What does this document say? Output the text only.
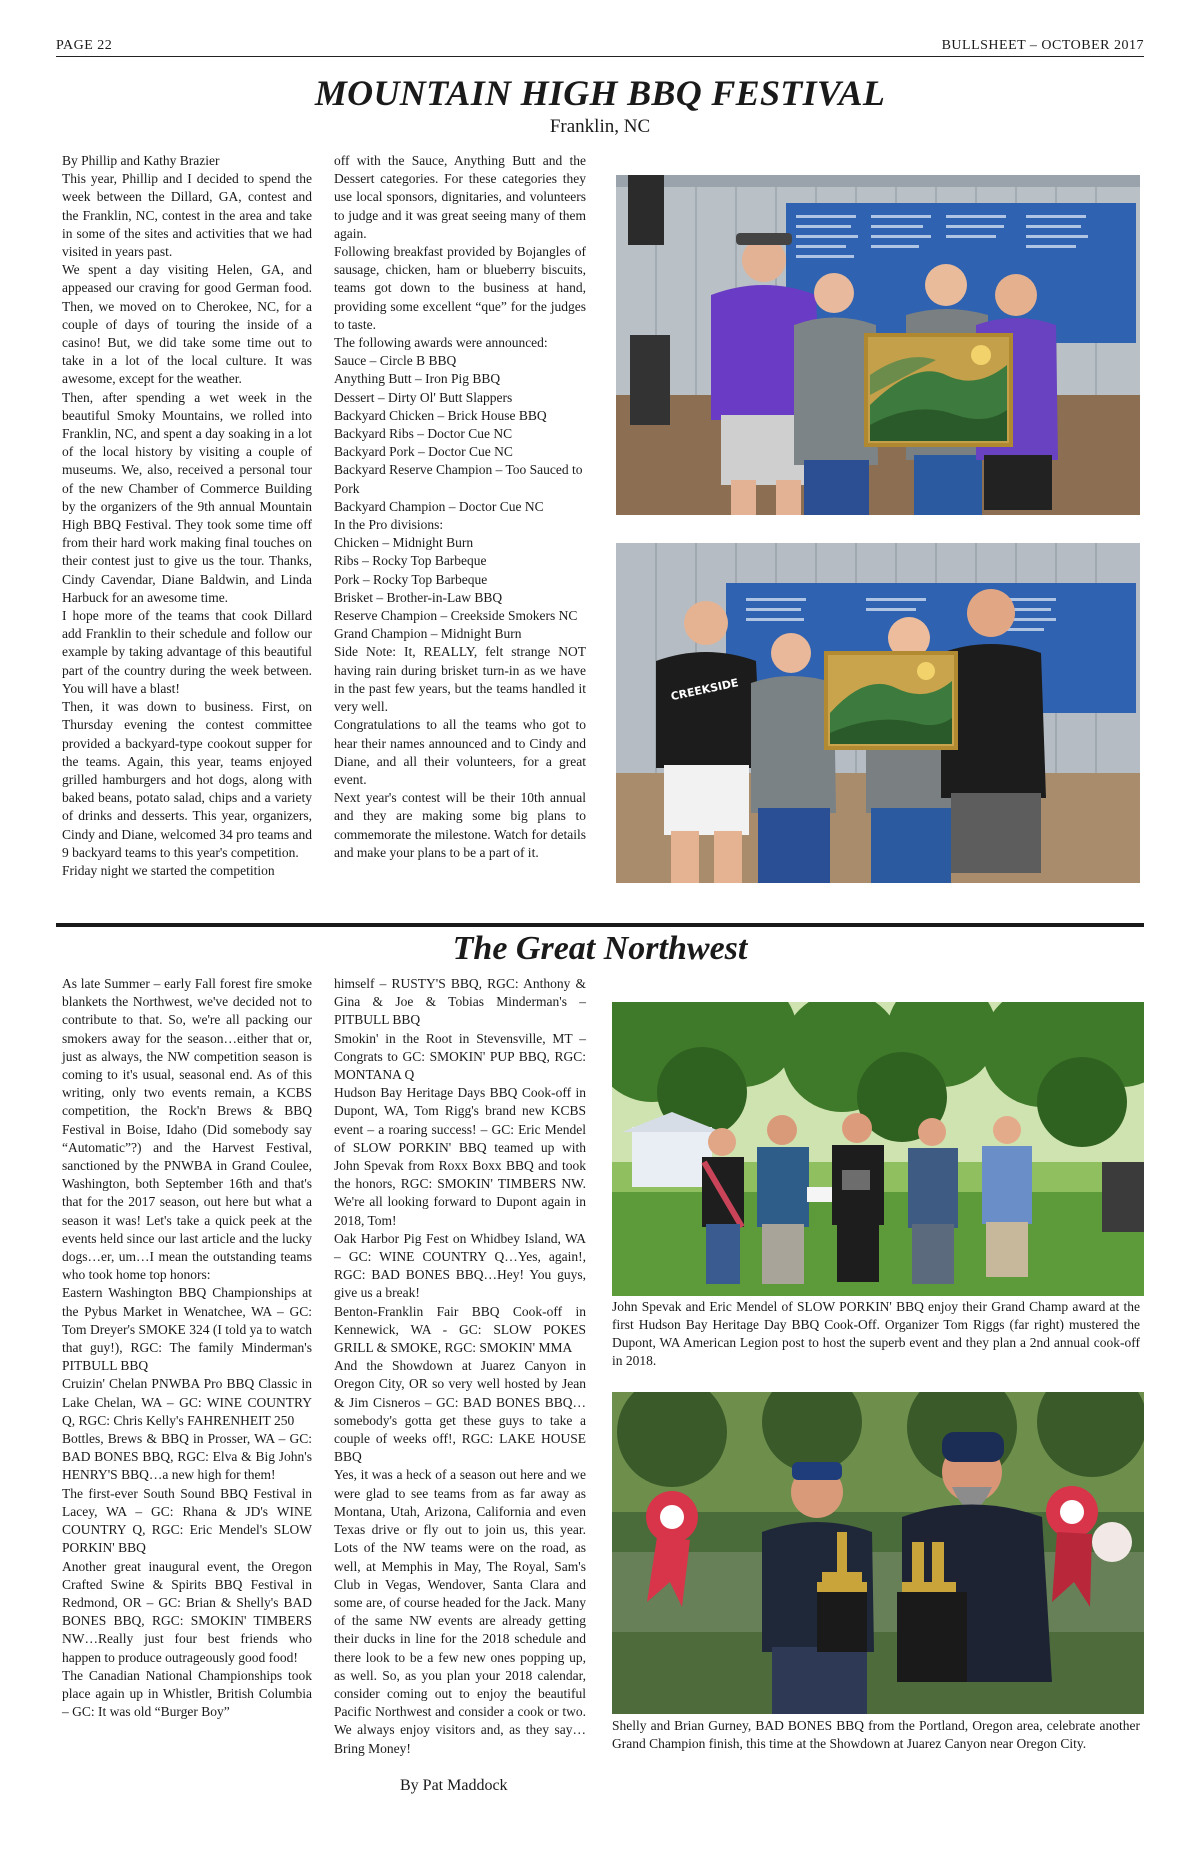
PAGE 22	BULLSHEET – OCTOBER 2017
MOUNTAIN HIGH BBQ FESTIVAL
Franklin, NC

By Phillip and Kathy Brazier

This year, Phillip and I decided to spend the week between the Dillard, GA, contest and the Franklin, NC, contest in the area and take in some of the sites and activities that we had visited in years past.

We spent a day visiting Helen, GA, and appeased our craving for good German food. Then, we moved on to Cherokee, NC, for a couple of days of touring the inside of a casino! But, we did take some time out to take in a lot of the local culture. It was awesome, except for the weather.

Then, after spending a wet week in the beautiful Smoky Mountains, we rolled into Franklin, NC, and spent a day soaking in a lot of the local history by visiting a couple of museums. We, also, received a personal tour of the new Chamber of Commerce Building by the organizers of the 9th annual Mountain High BBQ Festival. They took some time off from their hard work making final touches on their contest just to give us the tour. Thanks, Cindy Cavendar, Diane Baldwin, and Linda Harbuck for an awesome time.

I hope more of the teams that cook Dillard add Franklin to their schedule and follow our example by taking advantage of this beautiful part of the country during the week between. You will have a blast!

Then, it was down to business. First, on Thursday evening the contest committee provided a backyard-type cookout supper for the teams. Again, this year, teams enjoyed grilled hamburgers and hot dogs, along with baked beans, potato salad, chips and a variety of drinks and desserts. This year, organizers, Cindy and Diane, welcomed 34 pro teams and 9 backyard teams to this year's competition.

Friday night we started the competition

off with the Sauce, Anything Butt and the Dessert categories. For these categories they use local sponsors, dignitaries, and volunteers to judge and it was great seeing many of them again.

Following breakfast provided by Bojangles of sausage, chicken, ham or blueberry biscuits, teams got down to the business at hand, providing some excellent “que” for the judges to taste.

The following awards were announced:

Sauce – Circle B BBQ
Anything Butt – Iron Pig BBQ
Dessert – Dirty Ol' Butt Slappers
Backyard Chicken – Brick House BBQ
Backyard Ribs – Doctor Cue NC
Backyard Pork – Doctor Cue NC
Backyard Reserve Champion – Too Sauced to Pork
Backyard Champion – Doctor Cue NC
In the Pro divisions:
Chicken – Midnight Burn
Ribs – Rocky Top Barbeque
Pork – Rocky Top Barbeque
Brisket – Brother-in-Law BBQ
Reserve Champion – Creekside Smokers NC
Grand Champion – Midnight Burn

Side Note: It, REALLY, felt strange NOT having rain during brisket turn-in as we have in the past few years, but the teams handled it very well.

Congratulations to all the teams who got to hear their names announced and to Cindy and Diane, and all their volunteers, for a great event.

Next year's contest will be their 10th annual and they are making some big plans to commemorate the milestone. Watch for details and make your plans to be a part of it.

CREEKSIDE
The Great Northwest

As late Summer – early Fall forest fire smoke blankets the Northwest, we've decided not to contribute to that. So, we're all packing our smokers away for the season…either that or, just as always, the NW competition season is coming to it's usual, seasonal end. As of this writing, only two events remain, a KCBS competition, the Rock'n Brews & BBQ Festival in Boise, Idaho (Did somebody say “Automatic”?) and the Harvest Festival, sanctioned by the PNWBA in Grand Coulee, Washington, both September 16th and that's that for the 2017 season, out here but what a season it was! Let's take a quick peek at the events held since our last article and the lucky dogs…er, um…I mean the outstanding teams who took home top honors:

Eastern Washington BBQ Championships at the Pybus Market in Wenatchee, WA – GC: Tom Dreyer's SMOKE 324 (I told ya to watch that guy!), RGC: The family Minderman's PITBULL BBQ

Cruizin' Chelan PNWBA Pro BBQ Classic in Lake Chelan, WA – GC: WINE COUNTRY Q, RGC: Chris Kelly's FAHRENHEIT 250

Bottles, Brews & BBQ in Prosser, WA – GC: BAD BONES BBQ, RGC: Elva & Big John's HENRY'S BBQ…a new high for them!

The first-ever South Sound BBQ Festival in Lacey, WA – GC: Rhana & JD's WINE COUNTRY Q, RGC: Eric Mendel's SLOW PORKIN' BBQ

Another great inaugural event, the Oregon Crafted Swine & Spirits BBQ Festival in Redmond, OR – GC: Brian & Shelly's BAD BONES BBQ, RGC: SMOKIN' TIMBERS NW…Really just four best friends who happen to produce outrageously good food!

The Canadian National Championships took place again up in Whistler, British Columbia – GC: It was old “Burger Boy”

himself – RUSTY'S BBQ, RGC: Anthony & Gina & Joe & Tobias Minderman's – PITBULL BBQ

Smokin' in the Root in Stevensville, MT – Congrats to GC: SMOKIN' PUP BBQ, RGC: MONTANA Q

Hudson Bay Heritage Days BBQ Cook-off in Dupont, WA, Tom Rigg's brand new KCBS event – a roaring success! – GC: Eric Mendel of SLOW PORKIN' BBQ teamed up with John Spevak from Roxx Boxx BBQ and took the honors, RGC: SMOKIN' TIMBERS NW. We're all looking forward to Dupont again in 2018, Tom!

Oak Harbor Pig Fest on Whidbey Island, WA – GC: WINE COUNTRY Q…Yes, again!, RGC: BAD BONES BBQ…Hey! You guys, give us a break!

Benton-Franklin Fair BBQ Cook-off in Kennewick, WA - GC: SLOW POKES GRILL & SMOKE, RGC: SMOKIN' MMA

And the Showdown at Juarez Canyon in Oregon City, OR so very well hosted by Jean & Jim Cisneros – GC: BAD BONES BBQ…somebody's gotta get these guys to take a couple of weeks off!, RGC: LAKE HOUSE BBQ

Yes, it was a heck of a season out here and we were glad to see teams from as far away as Montana, Utah, Arizona, California and even Texas drive or fly out to join us, this year. Lots of the NW teams were on the road, as well, at Memphis in May, The Royal, Sam's Club in Vegas, Wendover, Santa Clara and some are, of course headed for the Jack. Many of the same NW events are already getting their ducks in line for the 2018 schedule and there look to be a few new ones popping up, as well. So, as you plan your 2018 calendar, consider coming out to enjoy the beautiful Pacific Northwest and consider a cook or two. We always enjoy visitors and, as they say…Bring Money!

By Pat Maddock
John Spevak and Eric Mendel of SLOW PORKIN' BBQ enjoy their Grand Champ award at the first Hudson Bay Heritage Day BBQ Cook-Off. Organizer Tom Riggs (far right) mustered the Dupont, WA American Legion post to host the superb event and they plan a 2nd annual cook-off in 2018.
Shelly and Brian Gurney, BAD BONES BBQ from the Portland, Oregon area, celebrate another Grand Champion finish, this time at the Showdown at Juarez Canyon near Oregon City.
